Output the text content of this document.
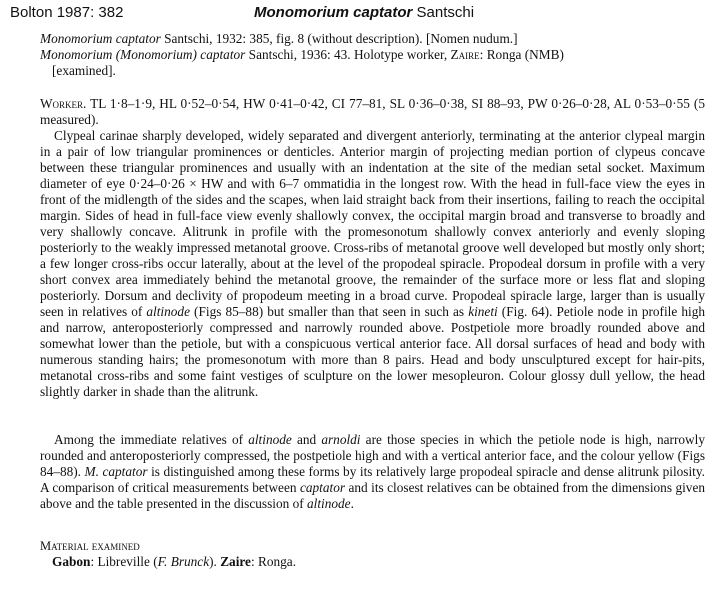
Bolton 1987: 382	Monomorium captator Santschi

Monomorium captator Santschi, 1932: 385, fig. 8 (without description). [Nomen nudum.]

Monomorium (Monomorium) captator Santschi, 1936: 43. Holotype worker, Zaire: Ronga (NMB)

[examined].

Worker. TL 1·8–1·9, HL 0·52–0·54, HW 0·41–0·42, CI 77–81, SL 0·36–0·38, SI 88–93, PW 0·26–0·28, AL 0·53–0·55 (5 measured).

Clypeal carinae sharply developed, widely separated and divergent anteriorly, terminating at the anterior clypeal margin in a pair of low triangular prominences or denticles. Anterior margin of projecting median portion of clypeus concave between these triangular prominences and usually with an indentation at the site of the median setal socket. Maximum diameter of eye 0·24–0·26 × HW and with 6–7 ommatidia in the longest row. With the head in full-face view the eyes in front of the midlength of the sides and the scapes, when laid straight back from their insertions, failing to reach the occipital margin. Sides of head in full-face view evenly shallowly convex, the occipital margin broad and transverse to broadly and very shallowly concave. Alitrunk in profile with the promesonotum shallowly convex anteriorly and evenly sloping posteriorly to the weakly impressed metanotal groove. Cross-ribs of metanotal groove well developed but mostly only short; a few longer cross-ribs occur laterally, about at the level of the propodeal spiracle. Propodeal dorsum in profile with a very short convex area immediately behind the metanotal groove, the remainder of the surface more or less flat and sloping posteriorly. Dorsum and declivity of propodeum meeting in a broad curve. Propodeal spiracle large, larger than is usually seen in relatives of altinode (Figs 85–88) but smaller than that seen in such as kineti (Fig. 64). Petiole node in profile high and narrow, anteroposteriorly compressed and narrowly rounded above. Postpetiole more broadly rounded above and somewhat lower than the petiole, but with a conspicuous vertical anterior face. All dorsal surfaces of head and body with numerous standing hairs; the promesonotum with more than 8 pairs. Head and body unsculptured except for hair-pits, metanotal cross-ribs and some faint vestiges of sculpture on the lower mesopleuron. Colour glossy dull yellow, the head slightly darker in shade than the alitrunk.

Among the immediate relatives of altinode and arnoldi are those species in which the petiole node is high, narrowly rounded and anteroposteriorly compressed, the postpetiole high and with a vertical anterior face, and the colour yellow (Figs 84–88). M. captator is distinguished among these forms by its relatively large propodeal spiracle and dense alitrunk pilosity. A comparison of critical measurements between captator and its closest relatives can be obtained from the dimensions given above and the table presented in the discussion of altinode.

Material examined
Gabon: Libreville (F. Brunck). Zaire: Ronga.
